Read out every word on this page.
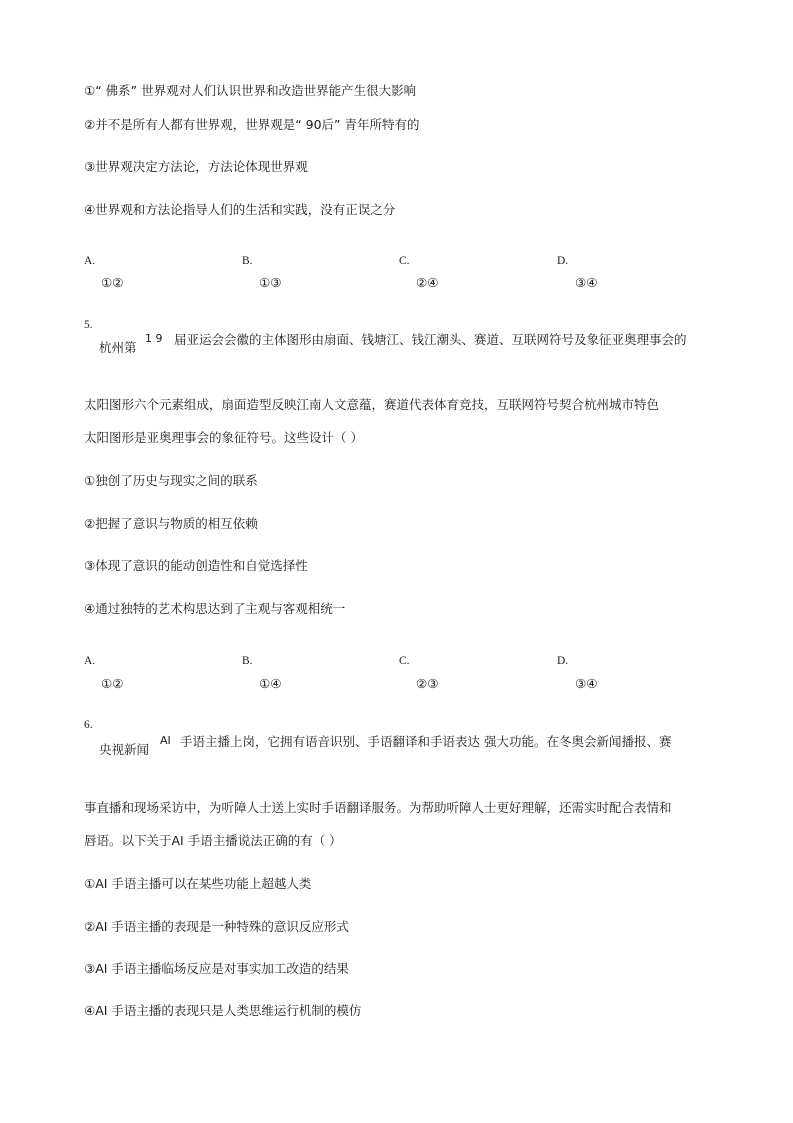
①“ 佛系” 世界观对人们认识世界和改造世界能产生很大影响
②并不是所有人都有世界观，世界观是“ 90后” 青年所特有的
③世界观决定方法论，方法论体现世界观
④世界观和方法论指导人们的生活和实践，没有正误之分
A.
①②
B.
①③
C.
②④
D.
③④
5.
杭州第
1 9 届亚运会会徽的主体图形由扇面、钱塘江、钱江潮头、赛道、互联网符号及象征亚奥理事会的
太阳图形六个元素组成，扇面造型反映江南人文意蕴，赛道代表体育竞技，互联网符号契合杭州城市特色
太阳图形是亚奥理事会的象征符号。这些设计（ ）
①独创了历史与现实之间的联系
②把握了意识与物质的相互依赖
③体现了意识的能动创造性和自觉选择性
④通过独特的艺术构思达到了主观与客观相统一
A.
①②
B.
①④
C.
②③
D.
③④
6.
央视新闻
AI 手语主播上岗，它拥有语音识别、手语翻译和手语表达 强大功能。在冬奥会新闻播报、赛
事直播和现场采访中，为听障人士送上实时手语翻译服务。为帮助听障人士更好理解，还需实时配合表情和
唇语。以下关于AI 手语主播说法正确的有（ ）
①AI 手语主播可以在某些功能上超越人类
②AI 手语主播的表现是一种特殊的意识反应形式
③AI 手语主播临场反应是对事实加工改造的结果
④AI 手语主播的表现只是人类思维运行机制的模仿
